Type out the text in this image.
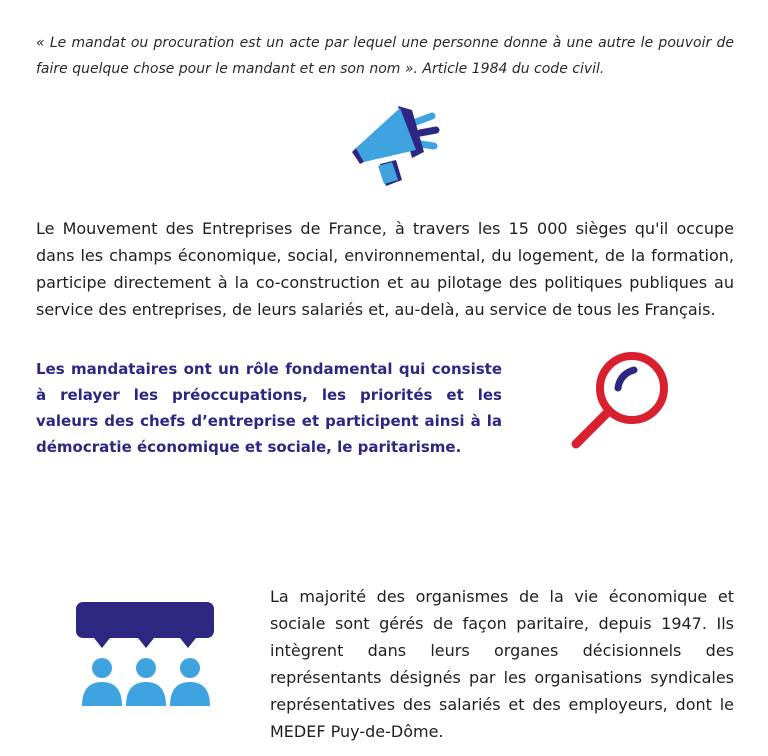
« Le mandat ou procuration est un acte par lequel une personne donne à une autre le pouvoir de faire quelque chose pour le mandant et en son nom ». Article 1984 du code civil.

Le Mouvement des Entreprises de France, à travers les 15 000 sièges qu'il occupe dans les champs économique, social, environnemental, du logement, de la formation, participe directement à la co-construction et au pilotage des politiques publiques au service des entreprises, de leurs salariés et, au-delà, au service de tous les Français.

Les mandataires ont un rôle fondamental qui consiste à relayer les préoccupations, les priorités et les valeurs des chefs d’entreprise et participent ainsi à la démocratie économique et sociale, le paritarisme.

La majorité des organismes de la vie économique et sociale sont gérés de façon paritaire, depuis 1947. Ils intègrent dans leurs organes décisionnels des représentants désignés par les organisations syndicales représentatives des salariés et des employeurs, dont le MEDEF Puy-de-Dôme.
